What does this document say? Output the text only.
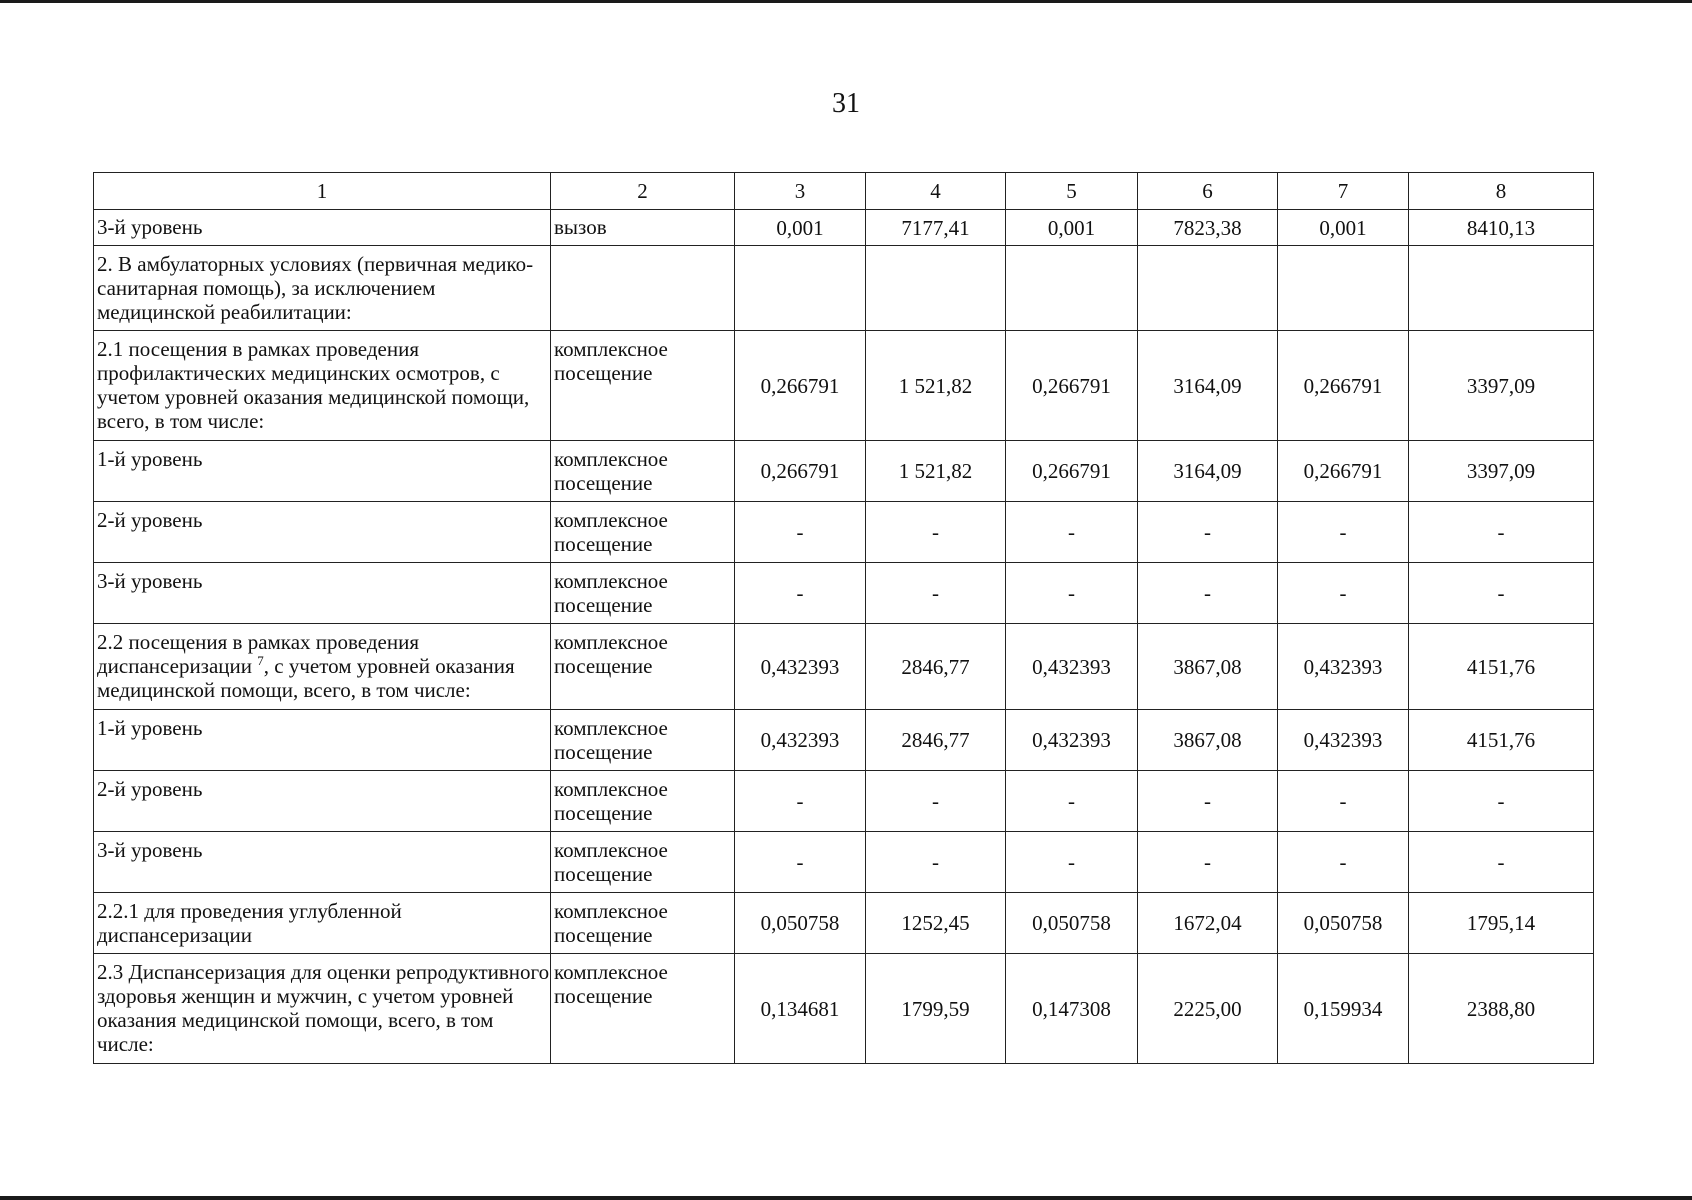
31
1	2	3	4	5	6	7	8
3-й уровень	вызов	0,001	7177,41	0,001	7823,38	0,001	8410,13
2. В амбулаторных условиях (первичная медико-санитарная помощь), за исключением медицинской реабилитации:							
2.1 посещения в рамках проведения профилактических медицинских осмотров, с учетом уровней оказания медицинской помощи, всего, в том числе:	комплексное посещение	0,266791	1 521,82	0,266791	3164,09	0,266791	3397,09
1-й уровень	комплексное посещение	0,266791	1 521,82	0,266791	3164,09	0,266791	3397,09
2-й уровень	комплексное посещение	-	-	-	-	-	-
3-й уровень	комплексное посещение	-	-	-	-	-	-
2.2 посещения в рамках проведения диспансеризации $^7$, с учетом уровней оказания медицинской помощи, всего, в том числе:	комплексное посещение	0,432393	2846,77	0,432393	3867,08	0,432393	4151,76
1-й уровень	комплексное посещение	0,432393	2846,77	0,432393	3867,08	0,432393	4151,76
2-й уровень	комплексное посещение	-	-	-	-	-	-
3-й уровень	комплексное посещение	-	-	-	-	-	-
2.2.1 для проведения углубленной диспансеризации	комплексное посещение	0,050758	1252,45	0,050758	1672,04	0,050758	1795,14
2.3 Диспансеризация для оценки репродуктивного здоровья женщин и мужчин, с учетом уровней оказания медицинской помощи, всего, в том числе:	комплексное посещение	0,134681	1799,59	0,147308	2225,00	0,159934	2388,80
